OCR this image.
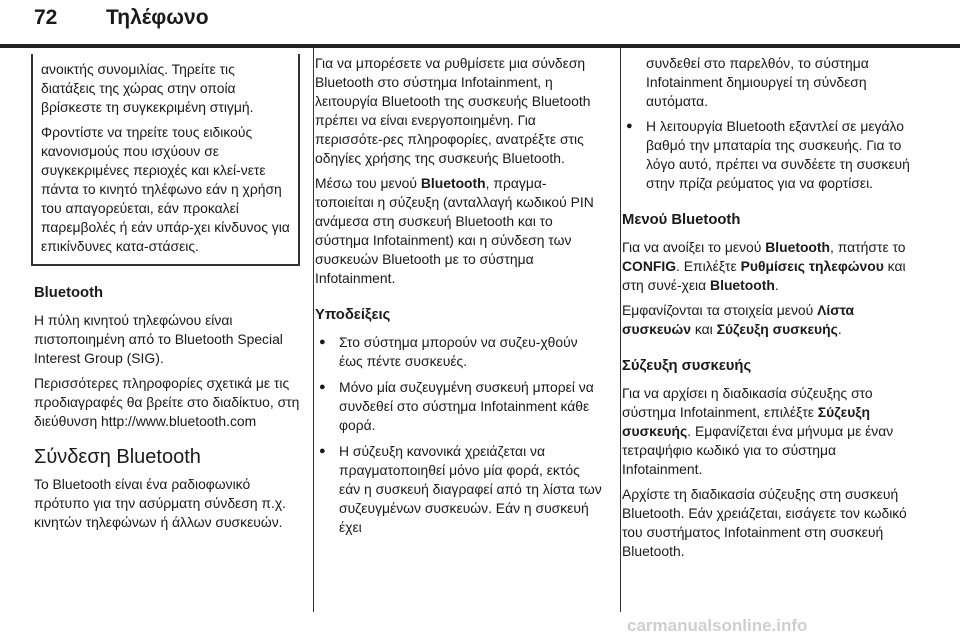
72 Τηλέφωνο

ανοικτής συνομιλίας. Τηρείτε τις διατάξεις της χώρας στην οποία βρίσκεστε τη συγκεκριμένη στιγμή.

Φροντίστε να τηρείτε τους ειδικούς κανονισμούς που ισχύουν σε συγκεκριμένες περιοχές και κλεί-νετε πάντα το κινητό τηλέφωνο εάν η χρήση του απαγορεύεται, εάν προκαλεί παρεμβολές ή εάν υπάρ-χει κίνδυνος για επικίνδυνες κατα-στάσεις.

Bluetooth

Η πύλη κινητού τηλεφώνου είναι πιστοποιημένη από το Bluetooth Special Interest Group (SIG).

Περισσότερες πληροφορίες σχετικά με τις προδιαγραφές θα βρείτε στο διαδίκτυο, στη διεύθυνση http://www.bluetooth.com

Σύνδεση Bluetooth

Το Bluetooth είναι ένα ραδιοφωνικό πρότυπο για την ασύρματη σύνδεση π.χ. κινητών τηλεφώνων ή άλλων συσκευών.

Για να μπορέσετε να ρυθμίσετε μια σύνδεση Bluetooth στο σύστημα Infotainment, η λειτουργία Bluetooth της συσκευής Bluetooth πρέπει να είναι ενεργοποιημένη. Για περισσότε-ρες πληροφορίες, ανατρέξτε στις οδηγίες χρήσης της συσκευής Bluetooth.

Μέσω του μενού Bluetooth, πραγμα-τοποιείται η σύζευξη (ανταλλαγή κωδικού PIN ανάμεσα στη συσκευή Bluetooth και το σύστημα Infotainment) και η σύνδεση των συσκευών Bluetooth με το σύστημα Infotainment.

Υποδείξεις
● Στο σύστημα μπορούν να συζευ-χθούν έως πέντε συσκευές.
● Μόνο μία συζευγμένη συσκευή μπορεί να συνδεθεί στο σύστημα Infotainment κάθε φορά.
● Η σύζευξη κανονικά χρειάζεται να πραγματοποιηθεί μόνο μία φορά, εκτός εάν η συσκευή διαγραφεί από τη λίστα των συζευγμένων συσκευών. Εάν η συσκευή έχει

συνδεθεί στο παρελθόν, το σύστημα Infotainment δημιουργεί τη σύνδεση αυτόματα.

● Η λειτουργία Bluetooth εξαντλεί σε μεγάλο βαθμό την μπαταρία της συσκευής. Για το λόγο αυτό, πρέπει να συνδέετε τη συσκευή στην πρίζα ρεύματος για να φορτίσει.
Μενού Bluetooth

Για να ανοίξει το μενού Bluetooth, πατήστε το CONFIG. Επιλέξτε Ρυθμίσεις τηλεφώνου και στη συνέ-χεια Bluetooth.

Εμφανίζονται τα στοιχεία μενού Λίστα συσκευών και Σύζευξη συσκευής.

Σύζευξη συσκευής

Για να αρχίσει η διαδικασία σύζευξης στο σύστημα Infotainment, επιλέξτε Σύζευξη συσκευής. Εμφανίζεται ένα μήνυμα με έναν τετραψήφιο κωδικό για το σύστημα Infotainment.

Αρχίστε τη διαδικασία σύζευξης στη συσκευή Bluetooth. Εάν χρειάζεται, εισάγετε τον κωδικό του συστήματος Infotainment στη συσκευή Bluetooth.

carmanualsonline.info
